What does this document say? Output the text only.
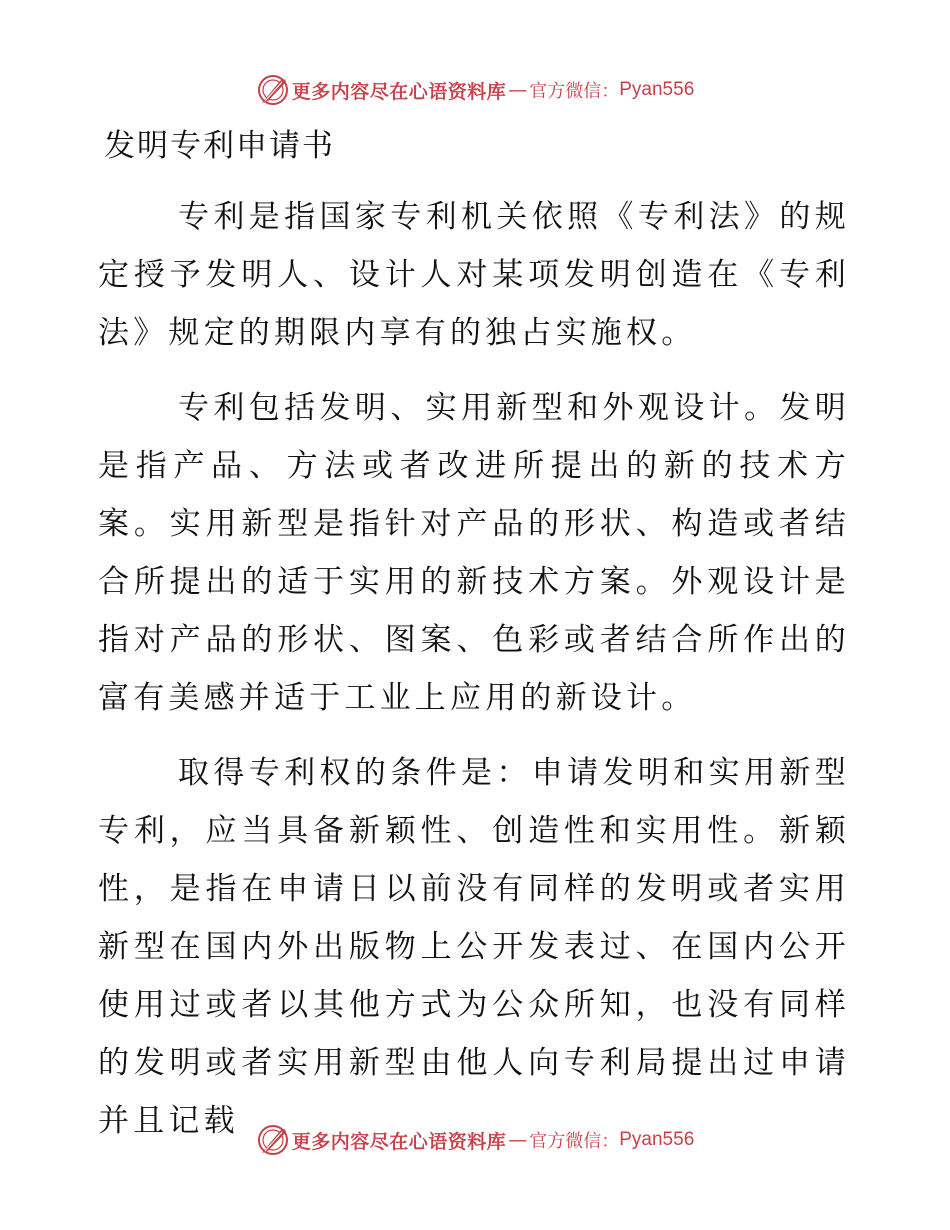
更多内容尽在心语资料库 — 官方微信： Pyan556
发明专利申请书

专利是指国家专利机关依照《专利法》的规定授予发明人、设计人对某项发明创造在《专利法》规定的期限内享有的独占实施权。

专利包括发明、实用新型和外观设计。发明是指产品、方法或者改进所提出的新的技术方案。实用新型是指针对产品的形状、构造或者结合所提出的适于实用的新技术方案。外观设计是指对产品的形状、图案、色彩或者结合所作出的富有美感并适于工业上应用的新设计。

取得专利权的条件是：申请发明和实用新型专利，应当具备新颖性、创造性和实用性。新颖性，是指在申请日以前没有同样的发明或者实用新型在国内外出版物上公开发表过、在国内公开使用过或者以其他方式为公众所知，也没有同样的发明或者实用新型由他人向专利局提出过申请并且记载

更多内容尽在心语资料库 — 官方微信： Pyan556
